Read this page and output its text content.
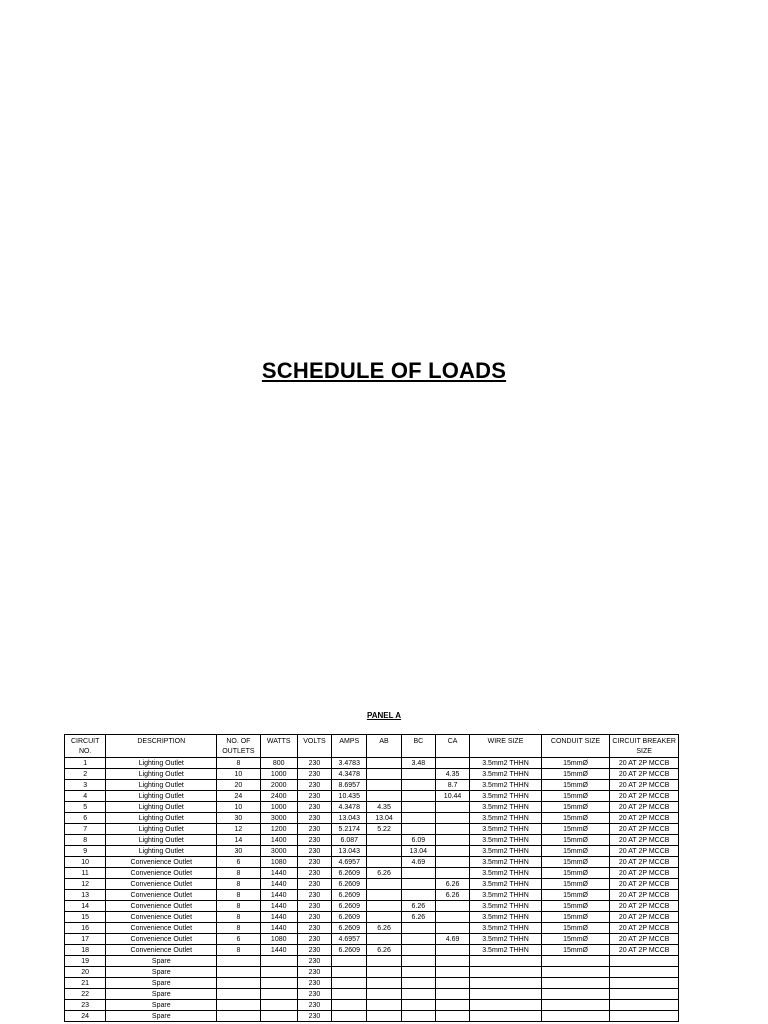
SCHEDULE OF LOADS
PANEL A
CIRCUIT NO.	DESCRIPTION	NO. OF OUTLETS	WATTS	VOLTS	AMPS	AB	BC	CA	WIRE SIZE	CONDUIT SIZE	CIRCUIT BREAKER SIZE
1	Lighting Outlet	8	800	230	3.4783		3.48		3.5mm2 THHN	15mmØ	20 AT 2P MCCB
2	Lighting Outlet	10	1000	230	4.3478			4.35	3.5mm2 THHN	15mmØ	20 AT 2P MCCB
3	Lighting Outlet	20	2000	230	8.6957			8.7	3.5mm2 THHN	15mmØ	20 AT 2P MCCB
4	Lighting Outlet	24	2400	230	10.435			10.44	3.5mm2 THHN	15mmØ	20 AT 2P MCCB
5	Lighting Outlet	10	1000	230	4.3478	4.35			3.5mm2 THHN	15mmØ	20 AT 2P MCCB
6	Lighting Outlet	30	3000	230	13.043	13.04			3.5mm2 THHN	15mmØ	20 AT 2P MCCB
7	Lighting Outlet	12	1200	230	5.2174	5.22			3.5mm2 THHN	15mmØ	20 AT 2P MCCB
8	Lighting Outlet	14	1400	230	6.087		6.09		3.5mm2 THHN	15mmØ	20 AT 2P MCCB
9	Lighting Outlet	30	3000	230	13.043		13.04		3.5mm2 THHN	15mmØ	20 AT 2P MCCB
10	Convenience Outlet	6	1080	230	4.6957		4.69		3.5mm2 THHN	15mmØ	20 AT 2P MCCB
11	Convenience Outlet	8	1440	230	6.2609	6.26			3.5mm2 THHN	15mmØ	20 AT 2P MCCB
12	Convenience Outlet	8	1440	230	6.2609			6.26	3.5mm2 THHN	15mmØ	20 AT 2P MCCB
13	Convenience Outlet	8	1440	230	6.2609			6.26	3.5mm2 THHN	15mmØ	20 AT 2P MCCB
14	Convenience Outlet	8	1440	230	6.2609		6.26		3.5mm2 THHN	15mmØ	20 AT 2P MCCB
15	Convenience Outlet	8	1440	230	6.2609		6.26		3.5mm2 THHN	15mmØ	20 AT 2P MCCB
16	Convenience Outlet	8	1440	230	6.2609	6.26			3.5mm2 THHN	15mmØ	20 AT 2P MCCB
17	Convenience Outlet	6	1080	230	4.6957			4.69	3.5mm2 THHN	15mmØ	20 AT 2P MCCB
18	Convenience Outlet	8	1440	230	6.2609	6.26			3.5mm2 THHN	15mmØ	20 AT 2P MCCB
19	Spare			230							
20	Spare			230							
21	Spare			230							
22	Spare			230							
23	Spare			230							
24	Spare			230							
